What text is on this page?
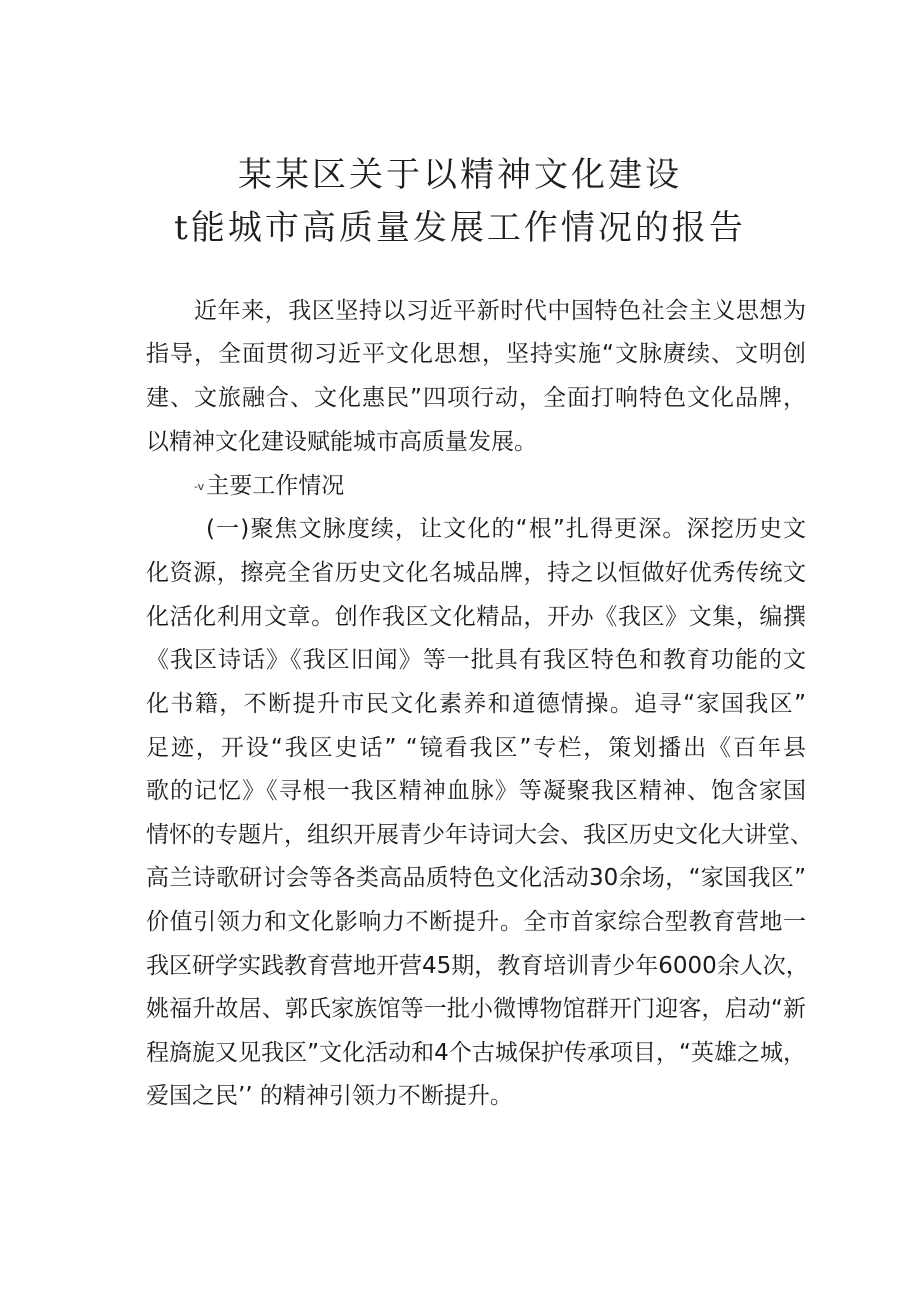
某某区关于以精神文化建设
t能城市高质量发展工作情况的报告
近年来，我区坚持以习近平新时代中国特色社会主义思想为
指导，全面贯彻习近平文化思想，坚持实施“文脉赓续、文明创
建、文旅融合、文化惠民”四项行动，全面打响特色文化品牌，
以精神文化建设赋能城市高质量发展。
-v主要工作情况
(一)聚焦文脉度续，让文化的“根”扎得更深。深挖历史文
化资源，擦亮全省历史文化名城品牌，持之以恒做好优秀传统文
化活化利用文章。创作我区文化精品，开办《我区》文集，编撰
《我区诗话》《我区旧闻》等一批具有我区特色和教育功能的文
化书籍，不断提升市民文化素养和道德情操。追寻“家国我区”
足迹，开设“我区史话” “镜看我区”专栏，策划播出《百年县
歌的记忆》《寻根一我区精神血脉》等凝聚我区精神、饱含家国
情怀的专题片，组织开展青少年诗词大会、我区历史文化大讲堂、
高兰诗歌研讨会等各类高品质特色文化活动30余场，“家国我区”
价值引领力和文化影响力不断提升。全市首家综合型教育营地一
我区研学实践教育营地开营45期，教育培训青少年6000余人次，
姚福升故居、郭氏家族馆等一批小微博物馆群开门迎客，启动“新
程旖旎又见我区”文化活动和4个古城保护传承项目，“英雄之城，
爱国之民’’ 的精神引领力不断提升。
